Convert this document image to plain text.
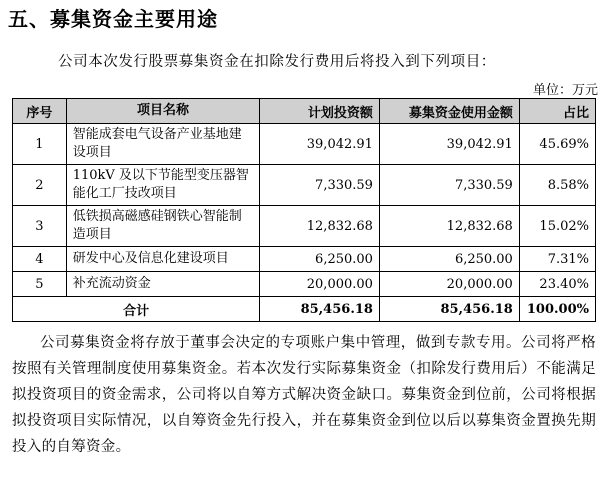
五、募集资金主要用途
公司本次发行股票募集资金在扣除发行费用后将投入到下列项目：
单位：万元
序号	项目名称	计划投资额	募集资金使用金额	占比
1	智能成套电气设备产业基地建设项目	39,042.91	39,042.91	45.69%
2	110kV 及以下节能型变压器智能化工厂技改项目	7,330.59	7,330.59	8.58%
3	低铁损高磁感硅钢铁心智能制造项目	12,832.68	12,832.68	15.02%
4	研发中心及信息化建设项目	6,250.00	6,250.00	7.31%
5	补充流动资金	20,000.00	20,000.00	23.40%
合计		85,456.18	85,456.18	100.00%
公司募集资金将存放于董事会决定的专项账户集中管理，做到专款专用。公司将严格按照有关管理制度使用募集资金。若本次发行实际募集资金（扣除发行费用后）不能满足拟投资项目的资金需求，公司将以自筹方式解决资金缺口。募集资金到位前，公司将根据拟投资项目实际情况，以自筹资金先行投入，并在募集资金到位以后以募集资金置换先期投入的自筹资金。
